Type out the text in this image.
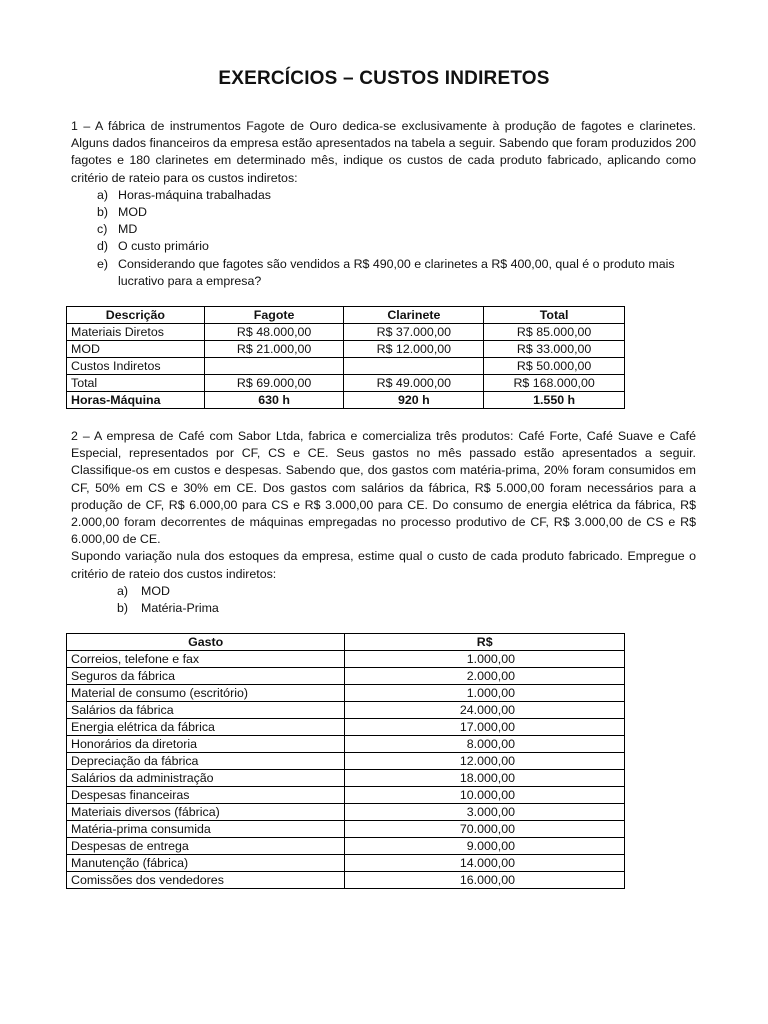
EXERCÍCIOS – CUSTOS INDIRETOS

1 – A fábrica de instrumentos Fagote de Ouro dedica-se exclusivamente à produção de fagotes e clarinetes. Alguns dados financeiros da empresa estão apresentados na tabela a seguir. Sabendo que foram produzidos 200 fagotes e 180 clarinetes em determinado mês, indique os custos de cada produto fabricado, aplicando como critério de rateio para os custos indiretos:

a) Horas-máquina trabalhadas
b) MOD
c) MD
d) O custo primário
e) Considerando que fagotes são vendidos a R$ 490,00 e clarinetes a R$ 400,00, qual é o produto mais lucrativo para a empresa?
Descrição	Fagote	Clarinete	Total
Materiais Diretos	R$ 48.000,00	R$ 37.000,00	R$ 85.000,00
MOD	R$ 21.000,00	R$ 12.000,00	R$ 33.000,00
Custos Indiretos			R$ 50.000,00
Total	R$ 69.000,00	R$ 49.000,00	R$ 168.000,00
Horas-Máquina	630 h	920 h	1.550 h

2 – A empresa de Café com Sabor Ltda, fabrica e comercializa três produtos: Café Forte, Café Suave e Café Especial, representados por CF, CS e CE. Seus gastos no mês passado estão apresentados a seguir. Classifique-os em custos e despesas. Sabendo que, dos gastos com matéria-prima, 20% foram consumidos em CF, 50% em CS e 30% em CE. Dos gastos com salários da fábrica, R$ 5.000,00 foram necessários para a produção de CF, R$ 6.000,00 para CS e R$ 3.000,00 para CE. Do consumo de energia elétrica da fábrica, R$ 2.000,00 foram decorrentes de máquinas empregadas no processo produtivo de CF, R$ 3.000,00 de CS e R$ 6.000,00 de CE.

Supondo variação nula dos estoques da empresa, estime qual o custo de cada produto fabricado. Empregue o critério de rateio dos custos indiretos:

a) MOD
b) Matéria-Prima
Gasto	R$
Correios, telefone e fax	1.000,00
Seguros da fábrica	2.000,00
Material de consumo (escritório)	1.000,00
Salários da fábrica	24.000,00
Energia elétrica da fábrica	17.000,00
Honorários da diretoria	8.000,00
Depreciação da fábrica	12.000,00
Salários da administração	18.000,00
Despesas financeiras	10.000,00
Materiais diversos (fábrica)	3.000,00
Matéria-prima consumida	70.000,00
Despesas de entrega	9.000,00
Manutenção (fábrica)	14.000,00
Comissões dos vendedores	16.000,00
